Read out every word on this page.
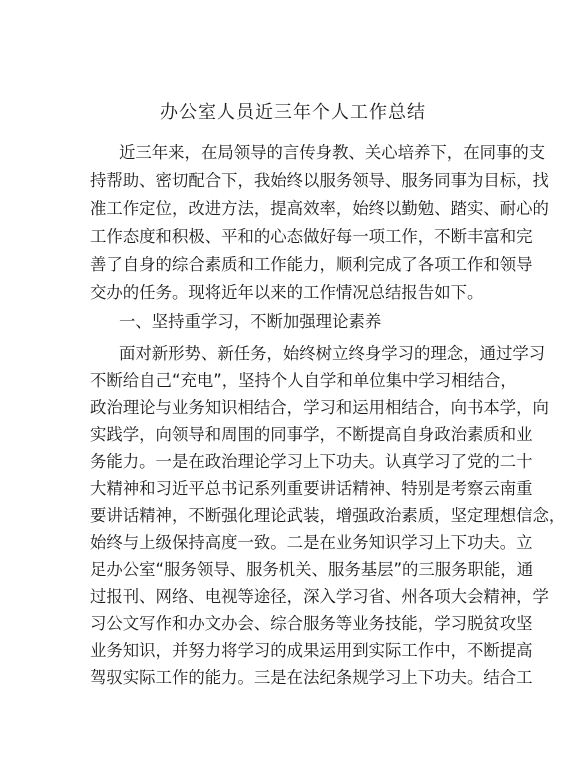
办公室人员近三年个人工作总结
近三年来，在局领导的言传身教、关心培养下，在同事的支
持帮助、密切配合下，我始终以服务领导、服务同事为目标，找
准工作定位，改进方法，提高效率，始终以勤勉、踏实、耐心的
工作态度和积极、平和的心态做好每一项工作，不断丰富和完
善了自身的综合素质和工作能力，顺利完成了各项工作和领导
交办的任务。现将近年以来的工作情况总结报告如下。
一、坚持重学习，不断加强理论素养
面对新形势、新任务，始终树立终身学习的理念，通过学习
不断给自己“充电”，坚持个人自学和单位集中学习相结合，
政治理论与业务知识相结合，学习和运用相结合，向书本学，向
实践学，向领导和周围的同事学，不断提高自身政治素质和业
务能力。一是在政治理论学习上下功夫。认真学习了党的二十
大精神和习近平总书记系列重要讲话精神、特别是考察云南重
要讲话精神，不断强化理论武装，增强政治素质，坚定理想信念，
始终与上级保持高度一致。二是在业务知识学习上下功夫。立
足办公室“服务领导、服务机关、服务基层”的三服务职能，通
过报刊、网络、电视等途径，深入学习省、州各项大会精神，学
习公文写作和办文办会、综合服务等业务技能，学习脱贫攻坚
业务知识，并努力将学习的成果运用到实际工作中，不断提高
驾驭实际工作的能力。三是在法纪条规学习上下功夫。结合工
